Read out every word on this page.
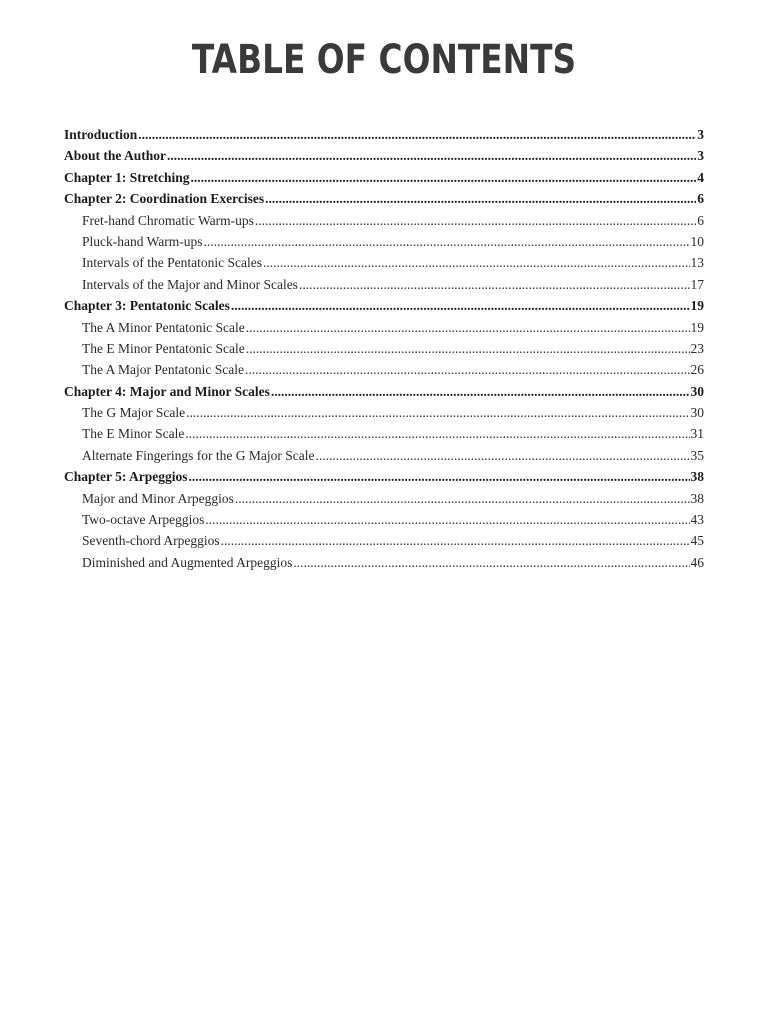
TABLE OF CONTENTS
Introduction .....	3
About the Author .....	3
Chapter 1: Stretching .....	4
Chapter 2: Coordination Exercises .....	6
Fret-hand Chromatic Warm-ups .....	6
Pluck-hand Warm-ups .....	10
Intervals of the Pentatonic Scales .....	13
Intervals of the Major and Minor Scales .....	17
Chapter 3: Pentatonic Scales .....	19
The A Minor Pentatonic Scale .....	19
The E Minor Pentatonic Scale .....	23
The A Major Pentatonic Scale .....	26
Chapter 4: Major and Minor Scales .....	30
The G Major Scale .....	30
The E Minor Scale .....	31
Alternate Fingerings for the G Major Scale .....	35
Chapter 5: Arpeggios .....	38
Major and Minor Arpeggios .....	38
Two-octave Arpeggios .....	43
Seventh-chord Arpeggios .....	45
Diminished and Augmented Arpeggios .....	46
